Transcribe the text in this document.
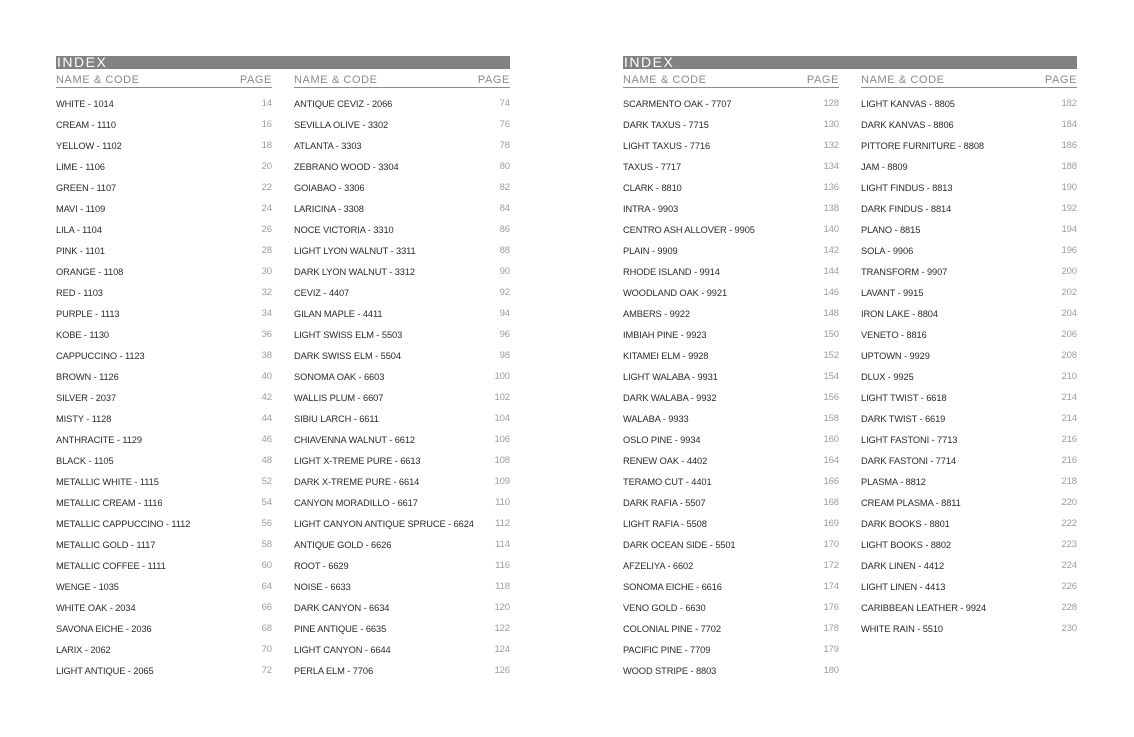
INDEX
NAME & CODE	PAGE
WHITE - 1014	14
CREAM - 1110	16
YELLOW - 1102	18
LIME - 1106	20
GREEN - 1107	22
MAVI - 1109	24
LILA - 1104	26
PINK - 1101	28
ORANGE - 1108	30
RED - 1103	32
PURPLE - 1113	34
KOBE - 1130	36
CAPPUCCINO - 1123	38
BROWN - 1126	40
SILVER - 2037	42
MISTY - 1128	44
ANTHRACITE - 1129	46
BLACK - 1105	48
METALLIC WHITE - 1115	52
METALLIC CREAM - 1116	54
METALLIC CAPPUCCINO - 1112	56
METALLIC GOLD - 1117	58
METALLIC COFFEE - 1111	60
WENGE - 1035	64
WHITE OAK - 2034	66
SAVONA EICHE - 2036	68
LARIX - 2062	70
LIGHT ANTIQUE - 2065	72
NAME & CODE	PAGE
ANTIQUE CEVIZ - 2066	74
SEVILLA OLIVE - 3302	76
ATLANTA - 3303	78
ZEBRANO WOOD - 3304	80
GOIABAO - 3306	82
LARICINA - 3308	84
NOCE VICTORIA - 3310	86
LIGHT LYON WALNUT - 3311	88
DARK LYON WALNUT - 3312	90
CEVIZ - 4407	92
GILAN MAPLE - 4411	94
LIGHT SWISS ELM - 5503	96
DARK SWISS ELM - 5504	98
SONOMA OAK - 6603	100
WALLIS PLUM - 6607	102
SIBIU LARCH - 6611	104
CHIAVENNA WALNUT - 6612	106
LIGHT X-TREME PURE - 6613	108
DARK X-TREME PURE - 6614	109
CANYON MORADILLO - 6617	110
LIGHT CANYON ANTIQUE SPRUCE - 6624 112
ANTIQUE GOLD - 6626	114
ROOT - 6629	116
NOISE - 6633	118
DARK CANYON - 6634	120
PINE ANTIQUE - 6635	122
LIGHT CANYON - 6644	124
PERLA ELM - 7706	126
INDEX
NAME & CODE	PAGE
SCARMENTO OAK - 7707	128
DARK TAXUS - 7715	130
LIGHT TAXUS - 7716	132
TAXUS - 7717	134
CLARK - 8810	136
INTRA - 9903	138
CENTRO ASH ALLOVER - 9905	140
PLAIN - 9909	142
RHODE ISLAND - 9914	144
WOODLAND OAK - 9921	146
AMBERS - 9922	148
IMBIAH PINE - 9923	150
KITAMEI ELM - 9928	152
LIGHT WALABA - 9931	154
DARK WALABA - 9932	156
WALABA - 9933	158
OSLO PINE - 9934	160
RENEW OAK - 4402	164
TERAMO CUT - 4401	166
DARK RAFIA - 5507	168
LIGHT RAFIA - 5508	169
DARK OCEAN SIDE - 5501	170
AFZELIYA - 6602	172
SONOMA EICHE - 6616	174
VENO GOLD - 6630	176
COLONIAL PINE - 7702	178
PACIFIC PINE - 7709	179
WOOD STRIPE - 8803	180
NAME & CODE	PAGE
LIGHT KANVAS - 8805	182
DARK KANVAS - 8806	184
PITTORE FURNITURE - 8808	186
JAM - 8809	188
LIGHT FINDUS - 8813	190
DARK FINDUS - 8814	192
PLANO - 8815	194
SOLA - 9906	196
TRANSFORM - 9907	200
LAVANT - 9915	202
IRON LAKE - 8804	204
VENETO - 8816	206
UPTOWN - 9929	208
DLUX - 9925	210
LIGHT TWIST - 6618	214
DARK TWIST - 6619	214
LIGHT FASTONI - 7713	216
DARK FASTONI - 7714	216
PLASMA - 8812	218
CREAM PLASMA - 8811	220
DARK BOOKS - 8801	222
LIGHT BOOKS - 8802	223
DARK LINEN - 4412	224
LIGHT LINEN - 4413	226
CARIBBEAN LEATHER - 9924	228
WHITE RAIN - 5510	230
